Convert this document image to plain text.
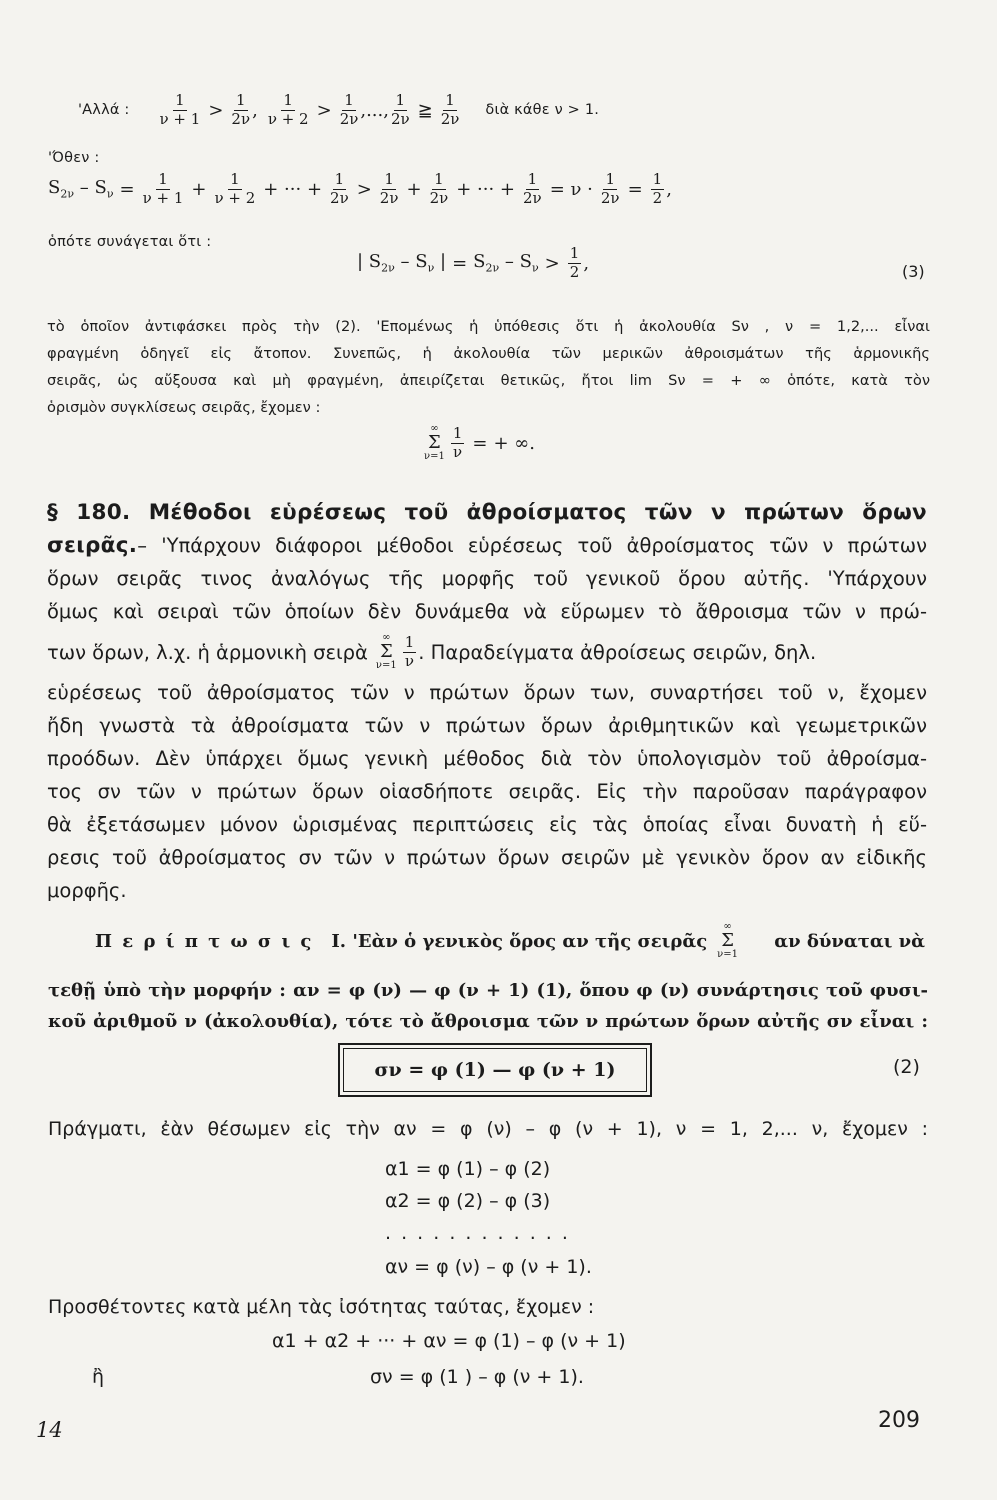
'Αλλά : $\frac{1}{\nu + 1} > \frac{1}{2\nu}$ , $\frac{1}{\nu + 2} > \frac{1}{2\nu}$ ,..., $\frac{1}{2\nu}$ ≧ $\frac{1}{2\nu}$ διὰ κάθε ν > 1.
'Όθεν :
$S_{2\nu} - S_\nu = \frac{1}{\nu + 1} + \frac{1}{\nu + 2}$ + ··· + $\frac{1}{2\nu} > \frac{1}{2\nu} + \frac{1}{2\nu}$ + ··· + $\frac{1}{2\nu} = \nu \cdot \frac{1}{2\nu} = \frac{1}{2}$ ,
ὁπότε συνάγεται ὅτι :
| $S_{2\nu} - S_\nu$ | = $S_{2\nu} - S_\nu > \frac{1}{2}$ ,	(3)

τὸ ὁποῖον ἀντιφάσκει πρὸς τὴν (2). 'Επομένως ἡ ὑπόθεσις ὅτι ἡ ἀκολουθία Sν , ν = 1,2,... εἶναι

φραγμένη ὁδηγεῖ εἰς ἄτοπον. Συνεπῶς, ἡ ἀκολουθία τῶν μερικῶν ἀθροισμάτων τῆς ἁρμονικῆς

σειρᾶς, ὡς αὔξουσα καὶ μὴ φραγμένη, ἀπειρίζεται θετικῶς, ἤτοι lim Sν = + ∞ ὁπότε, κατὰ τὸν

ὁρισμὸν συγκλίσεως σειρᾶς, ἔχομεν :

∞
Σ
$\nu=1 \frac{1}{\nu}$ = + ∞.

§ 180. Μέθοδοι εὑρέσεως τοῦ ἀθροίσματος τῶν ν πρώτων ὅρων

σειρᾶς.– 'Υπάρχουν διάφοροι μέθοδοι εὑρέσεως τοῦ ἀθροίσματος τῶν ν πρώτων

ὅρων σειρᾶς τινος ἀναλόγως τῆς μορφῆς τοῦ γενικοῦ ὅρου αὐτῆς. 'Υπάρχουν

ὅμως καὶ σειραὶ τῶν ὁποίων δὲν δυνάμεθα νὰ εὕρωμεν τὸ ἄθροισμα τῶν ν πρώ-

των ὅρων, λ.χ. ἡ ἁρμονικὴ σειρὰ
∞
Σ
$\nu=1 \frac{1}{\nu}$ . Παραδείγματα ἀθροίσεως σειρῶν, δηλ.

εὑρέσεως τοῦ ἀθροίσματος τῶν ν πρώτων ὅρων των, συναρτήσει τοῦ ν, ἔχομεν

ἤδη γνωστὰ τὰ ἀθροίσματα τῶν ν πρώτων ὅρων ἀριθμητικῶν καὶ γεωμετρικῶν

προόδων. Δὲν ὑπάρχει ὅμως γενικὴ μέθοδος διὰ τὸν ὑπολογισμὸν τοῦ ἀθροίσμα-

τος σν τῶν ν πρώτων ὅρων οἱασδήποτε σειρᾶς. Εἰς τὴν παροῦσαν παράγραφον

θὰ ἐξετάσωμεν μόνον ὡρισμένας περιπτώσεις εἰς τὰς ὁποίας εἶναι δυνατὴ ἡ εὕ-

ρεσις τοῦ ἀθροίσματος σν τῶν ν πρώτων ὅρων σειρῶν μὲ γενικὸν ὅρον αν εἰδικῆς

μορφῆς.

Π ε ρ ί π τ ω σ ι ς I. 'Εὰν ὁ γενικὸς ὅρος αν τῆς σειρᾶς
∞
Σ
ν=1
αν δύναται νὰ
τεθῇ ὑπὸ τὴν μορφήν : αν = φ (ν) — φ (ν + 1) (1), ὅπου φ (ν) συνάρτησις τοῦ φυσι-
κοῦ ἀριθμοῦ ν (ἀκολουθία), τότε τὸ ἄθροισμα τῶν ν πρώτων ὅρων αὐτῆς σν εἶναι :
σν = φ (1) — φ (ν + 1)	(2)
Πράγματι, ἐὰν θέσωμεν εἰς τὴν αν = φ (ν) – φ (ν + 1), ν = 1, 2,... ν, ἔχομεν :
α1 = φ (1) – φ (2)
α2 = φ (2) – φ (3)
. . . . . . . . . . . .
αν = φ (ν) – φ (ν + 1).
Προσθέτοντες κατὰ μέλη τὰς ἰσότητας ταύτας, ἔχομεν :
α1 + α2 + ··· + αν = φ (1) – φ (ν + 1)
ἢ	σν = φ (1 ) – φ (ν + 1).
14	209
